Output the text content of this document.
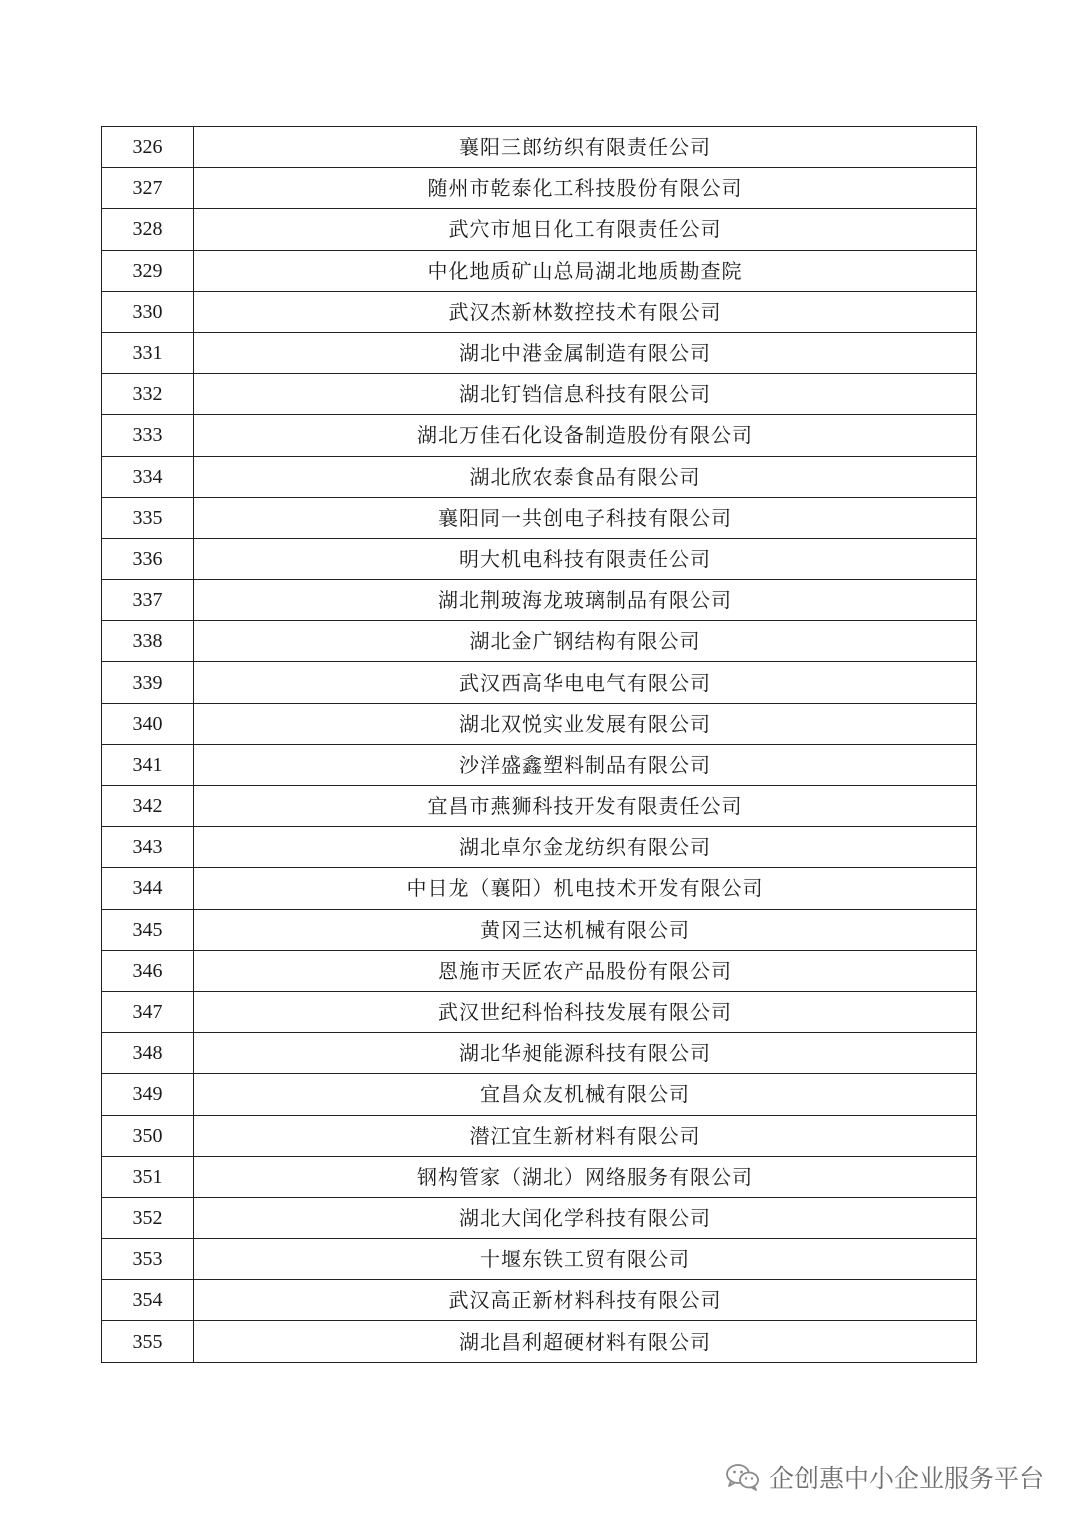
326	襄阳三郎纺织有限责任公司
327	随州市乾泰化工科技股份有限公司
328	武穴市旭日化工有限责任公司
329	中化地质矿山总局湖北地质勘查院
330	武汉杰新林数控技术有限公司
331	湖北中港金属制造有限公司
332	湖北钉铛信息科技有限公司
333	湖北万佳石化设备制造股份有限公司
334	湖北欣农泰食品有限公司
335	襄阳同一共创电子科技有限公司
336	明大机电科技有限责任公司
337	湖北荆玻海龙玻璃制品有限公司
338	湖北金广钢结构有限公司
339	武汉西高华电电气有限公司
340	湖北双悦实业发展有限公司
341	沙洋盛鑫塑料制品有限公司
342	宜昌市燕狮科技开发有限责任公司
343	湖北卓尔金龙纺织有限公司
344	中日龙（襄阳）机电技术开发有限公司
345	黄冈三达机械有限公司
346	恩施市天匠农产品股份有限公司
347	武汉世纪科怡科技发展有限公司
348	湖北华昶能源科技有限公司
349	宜昌众友机械有限公司
350	潜江宜生新材料有限公司
351	钢构管家（湖北）网络服务有限公司
352	湖北大闰化学科技有限公司
353	十堰东铁工贸有限公司
354	武汉高正新材料科技有限公司
355	湖北昌利超硬材料有限公司
企创惠中小企业服务平台
